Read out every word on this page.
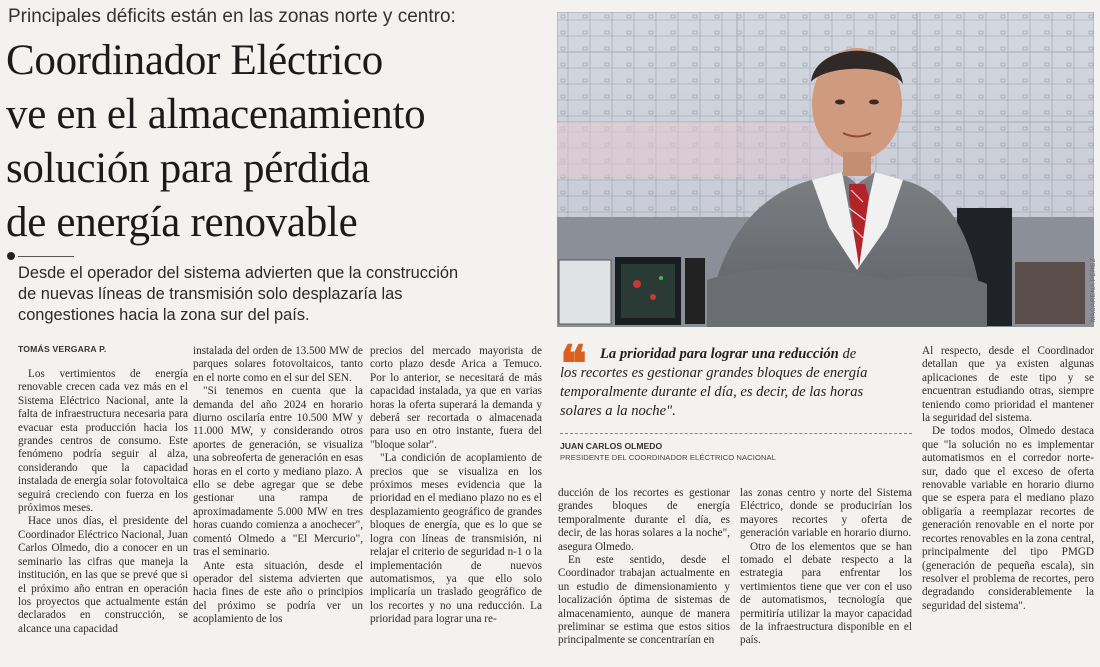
Principales déficits están en las zonas norte y centro:
Coordinador Eléctrico
ve en el almacenamiento
solución para pérdida
de energía renovable
Desde el operador del sistema advierten que la construcción
de nuevas líneas de transmisión solo desplazaría las
congestiones hacia la zona sur del país.
TOMÁS VERGARA P.

Los vertimientos de energía renovable crecen cada vez más en el Sistema Eléctrico Nacional, ante la falta de infraestructura necesaria para evacuar esta producción hacia los grandes centros de consumo. Este fenómeno podría seguir al alza, considerando que la capacidad instalada de energía solar fotovoltaica seguirá creciendo con fuerza en los próximos meses.

Hace unos días, el presidente del Coordinador Eléctrico Nacional, Juan Carlos Olmedo, dio a conocer en un seminario las cifras que maneja la institución, en las que se prevé que si el próximo año entran en operación los proyectos que actualmente están declarados en construcción, se alcance una capacidad

instalada del orden de 13.500 MW de parques solares fotovoltaicos, tanto en el norte como en el sur del SEN.

"Si tenemos en cuenta que la demanda del año 2024 en horario diurno oscilaría entre 10.500 MW y 11.000 MW, y considerando otros aportes de generación, se visualiza una sobreoferta de generación en esas horas en el corto y mediano plazo. A ello se debe agregar que se debe gestionar una rampa de aproximadamente 5.000 MW en tres horas cuando comienza a anochecer", comentó Olmedo a "El Mercurio", tras el seminario.

Ante esta situación, desde el operador del sistema advierten que hacia fines de este año o principios del próximo se podría ver un acoplamiento de los

precios del mercado mayorista de corto plazo desde Arica a Temuco. Por lo anterior, se necesitará de más capacidad instalada, ya que en varias horas la oferta superará la demanda y deberá ser recortada o almacenada para uso en otro instante, fuera del "bloque solar".

"La condición de acoplamiento de precios que se visualiza en los próximos meses evidencia que la prioridad en el mediano plazo no es el desplazamiento geográfico de grandes bloques de energía, que es lo que se logra con líneas de transmisión, ni relajar el criterio de seguridad n-1 o la implementación de nuevos automatismos, ya que ello solo implicaría un traslado geográfico de los recortes y no una reducción. La prioridad para lograr una re-

MACARENA PÉREZ
❝ La prioridad para lograr una reducción de
los recortes es gestionar grandes bloques de energía
temporalmente durante el día, es decir, de las horas
solares a la noche".
JUAN CARLOS OLMEDO
PRESIDENTE DEL COORDINADOR ELÉCTRICO NACIONAL

ducción de los recortes es gestionar grandes bloques de energía temporalmente durante el día, es decir, de las horas solares a la noche", asegura Olmedo.

En este sentido, desde el Coordinador trabajan actualmente en un estudio de dimensionamiento y localización óptima de sistemas de almacenamiento, aunque de manera preliminar se estima que estos sitios principalmente se concentrarían en

las zonas centro y norte del Sistema Eléctrico, donde se producirían los mayores recortes y oferta de generación variable en horario diurno.

Otro de los elementos que se han tomado el debate respecto a la estrategia para enfrentar los vertimientos tiene que ver con el uso de automatismos, tecnología que permitiría utilizar la mayor capacidad de la infraestructura disponible en el país.

Al respecto, desde el Coordinador detallan que ya existen algunas aplicaciones de este tipo y se encuentran estudiando otras, siempre teniendo como prioridad el mantener la seguridad del sistema.

De todos modos, Olmedo destaca que "la solución no es implementar automatismos en el corredor norte-sur, dado que el exceso de oferta renovable variable en horario diurno que se espera para el mediano plazo obligaría a reemplazar recortes de generación renovable en el norte por recortes renovables en la zona central, principalmente del tipo PMGD (generación de pequeña escala), sin resolver el problema de recortes, pero degradando considerablemente la seguridad del sistema".
